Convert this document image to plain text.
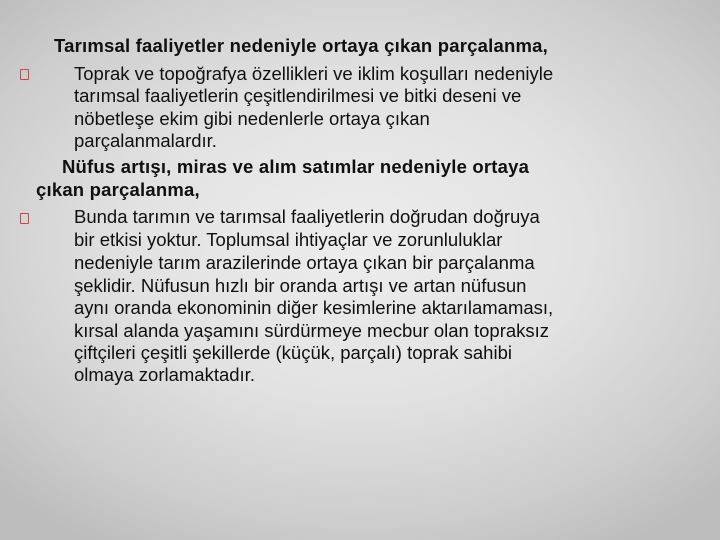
Tarımsal faaliyetler nedeniyle ortaya çıkan parçalanma,
Toprak ve topoğrafya özellikleri ve iklim koşulları nedeniyle
tarımsal faaliyetlerin çeşitlendirilmesi ve bitki deseni ve
nöbetleşe ekim gibi nedenlerle ortaya çıkan
parçalanmalardır.
Nüfus artışı, miras ve alım satımlar nedeniyle ortaya
çıkan parçalanma,
Bunda tarımın ve tarımsal faaliyetlerin doğrudan doğruya
bir etkisi yoktur. Toplumsal ihtiyaçlar ve zorunluluklar
nedeniyle tarım arazilerinde ortaya çıkan bir parçalanma
şeklidir. Nüfusun hızlı bir oranda artışı ve artan nüfusun
aynı oranda ekonominin diğer kesimlerine aktarılamaması,
kırsal alanda yaşamını sürdürmeye mecbur olan topraksız
çiftçileri çeşitli şekillerde (küçük, parçalı) toprak sahibi
olmaya zorlamaktadır.
